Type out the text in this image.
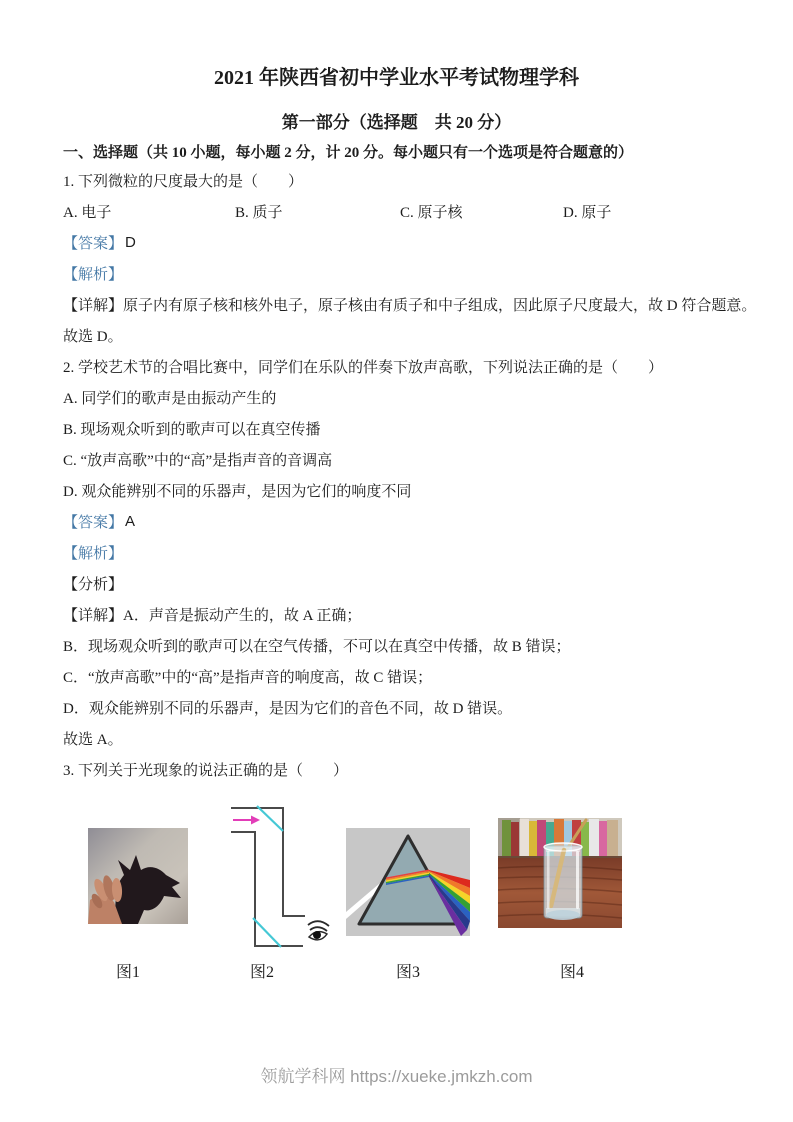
2021 年陕西省初中学业水平考试物理学科
第一部分（选择题　共 20 分）
一、选择题（共 10 小题，每小题 2 分，计 20 分。每小题只有一个选项是符合题意的）
1. 下列微粒的尺度最大的是（　　）
A. 电子	B. 质子	C. 原子核	D. 原子
【答案】 D
【解析】
【详解】 原子内有原子核和核外电子，原子核由有质子和中子组成，因此原子尺度最大，故 D 符合题意。
故选 D。
2. 学校艺术节的合唱比赛中，同学们在乐队的伴奏下放声高歌，下列说法正确的是（　　）
A. 同学们的歌声是由振动产生的
B. 现场观众听到的歌声可以在真空传播
C. “放声高歌”中的“高”是指声音的音调高
D. 观众能辨别不同的乐器声，是因为它们的响度不同
【答案】 A
【解析】
【分析】
【详解】 A．声音是振动产生的，故 A 正确；
B．现场观众听到的歌声可以在空气传播，不可以在真空中传播，故 B 错误；
C．“放声高歌”中的“高”是指声音的响度高，故 C 错误；
D．观众能辨别不同的乐器声，是因为它们的音色不同，故 D 错误。
故选 A。
3. 下列关于光现象的说法正确的是（　　）
图1	图2	图3	图4
领航学科网 https://xueke.jmkzh.com
